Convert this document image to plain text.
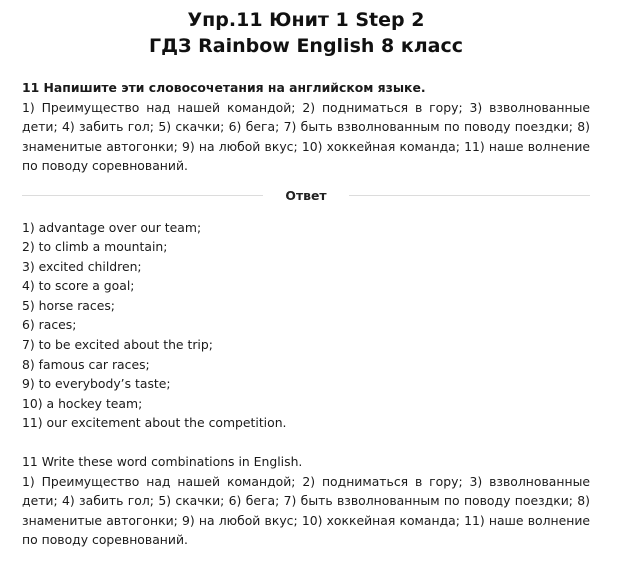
Упр.11 Юнит 1 Step 2
ГДЗ Rainbow English 8 класс
11 Напишите эти словосочетания на английском языке.
1) Преимущество над нашей командой; 2) подниматься в гору; 3) взволнованные дети; 4) забить гол; 5) скачки; 6) бега; 7) быть взволнованным по поводу поездки; 8) знаменитые автогонки; 9) на любой вкус; 10) хоккейная команда; 11) наше волнение по поводу соревнований.
Ответ
1) advantage over our team;
2) to climb a mountain;
3) excited children;
4) to score a goal;
5) horse races;
6) races;
7) to be excited about the trip;
8) famous car races;
9) to everybody’s taste;
10) a hockey team;
11) our excitement about the competition.
11 Write these word combinations in English.
1) Преимущество над нашей командой; 2) подниматься в гору; 3) взволнованные дети; 4) забить гол; 5) скачки; 6) бега; 7) быть взволнованным по поводу поездки; 8) знаменитые автогонки; 9) на любой вкус; 10) хоккейная команда; 11) наше волнение по поводу соревнований.
